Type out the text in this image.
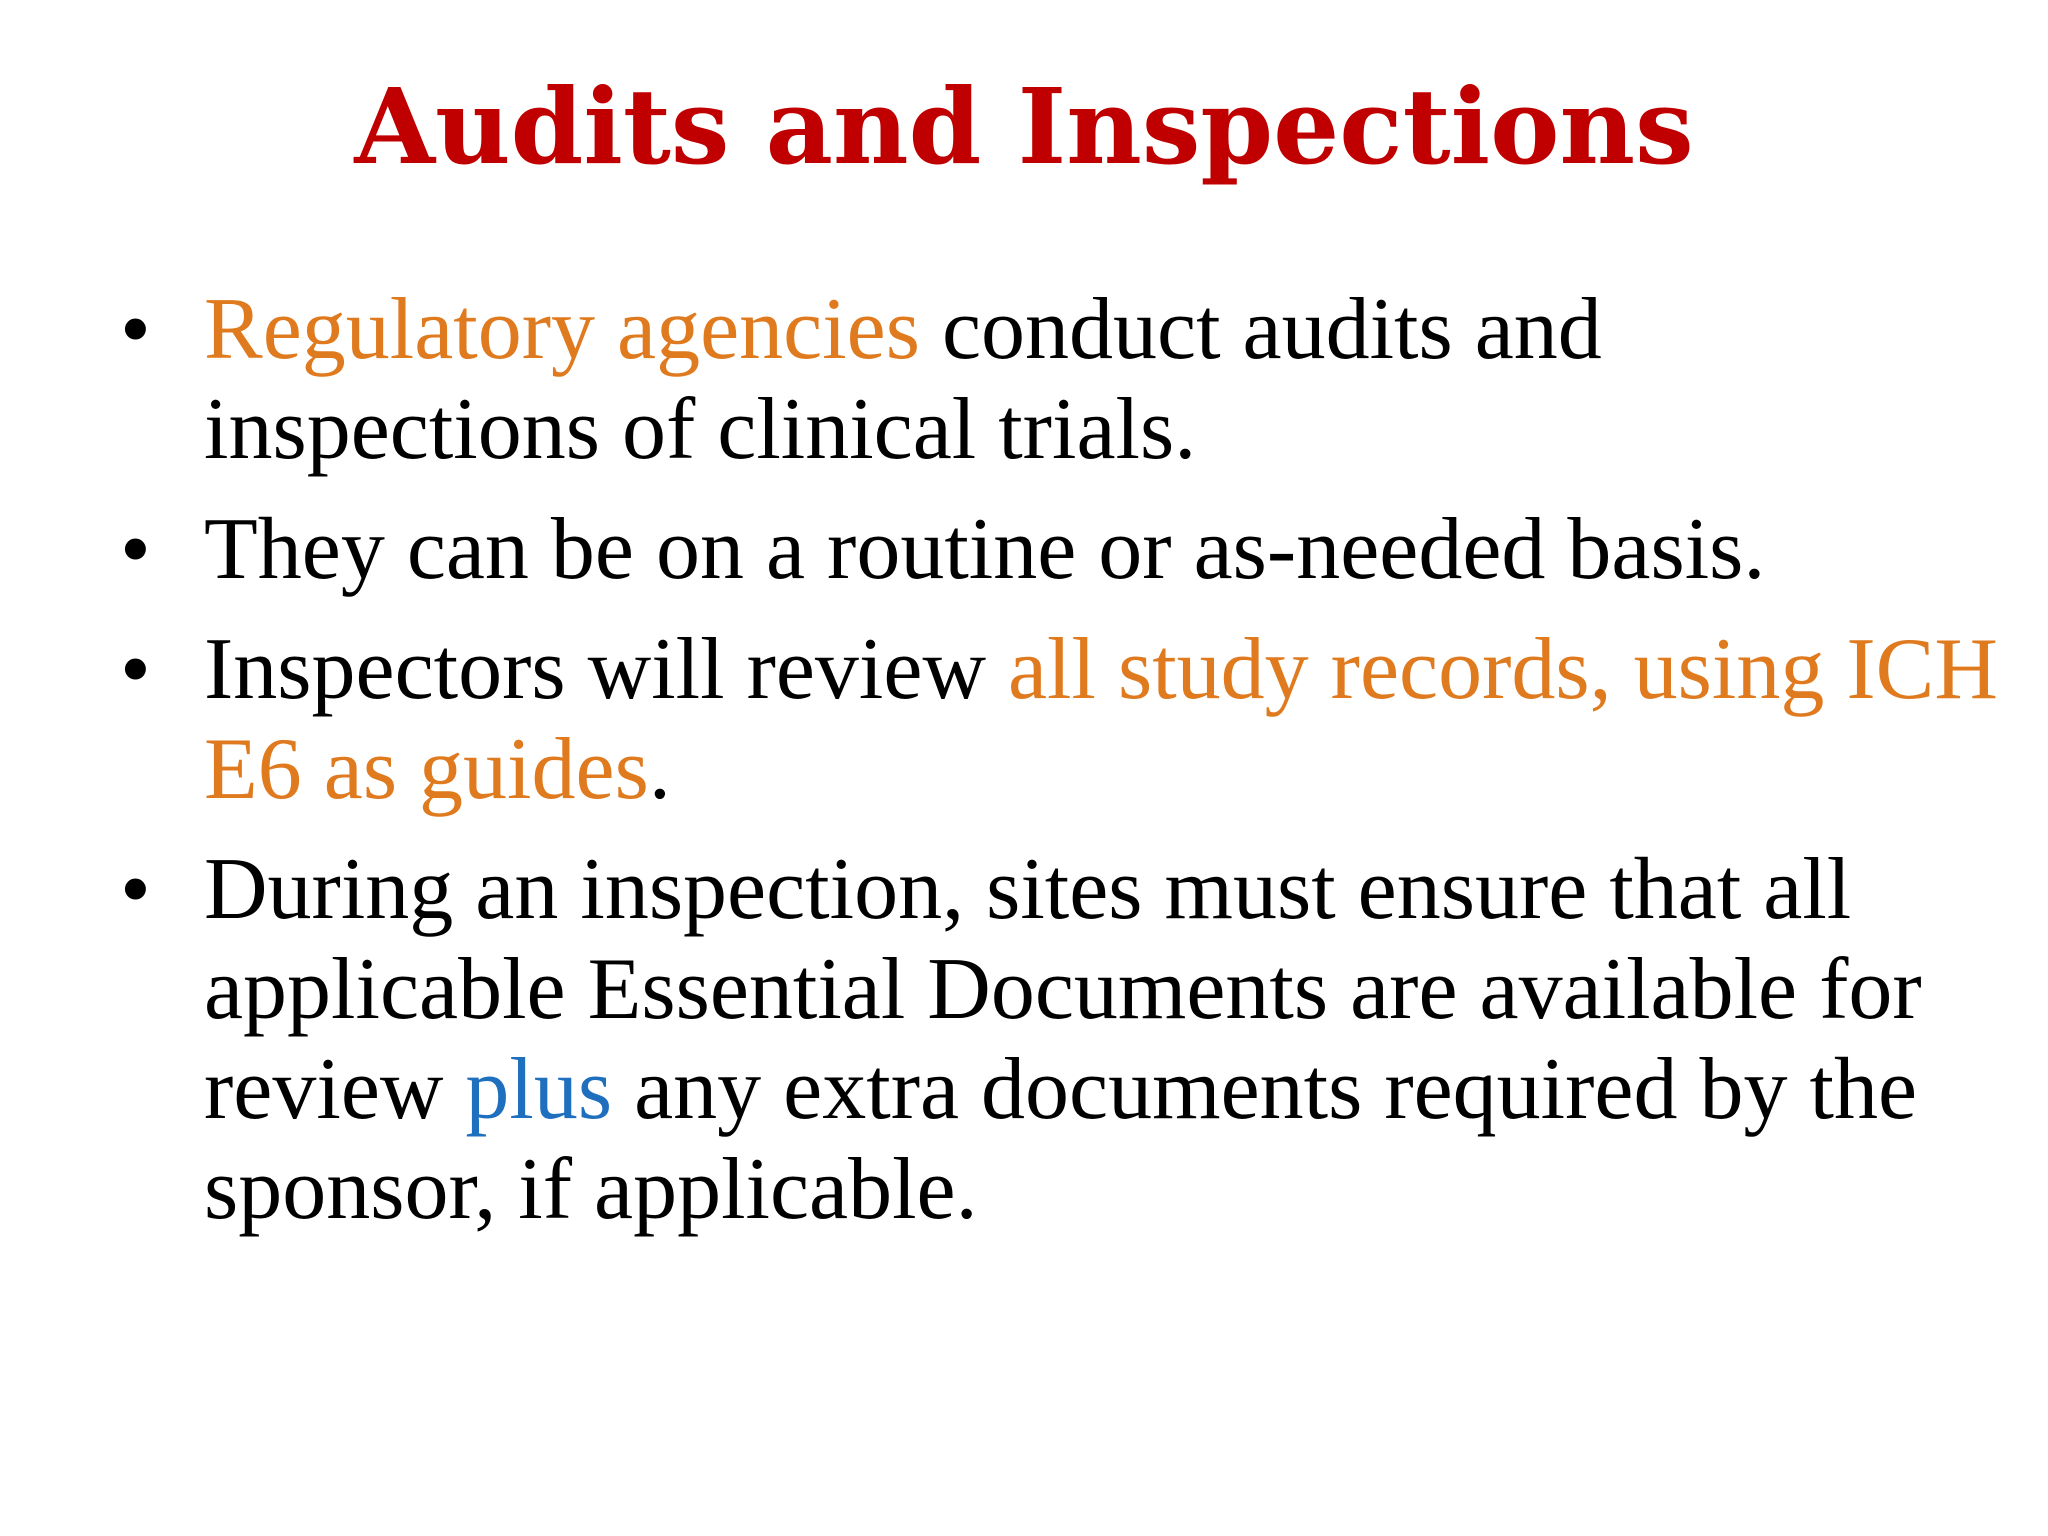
Audits and Inspections
• Regulatory agencies conduct audits and inspections of clinical trials.
• They can be on a routine or as-needed basis.
• Inspectors will review all study records, using ICH E6 as guides.
• During an inspection, sites must ensure that all applicable Essential Documents are available for review plus any extra documents required by the sponsor, if applicable.
